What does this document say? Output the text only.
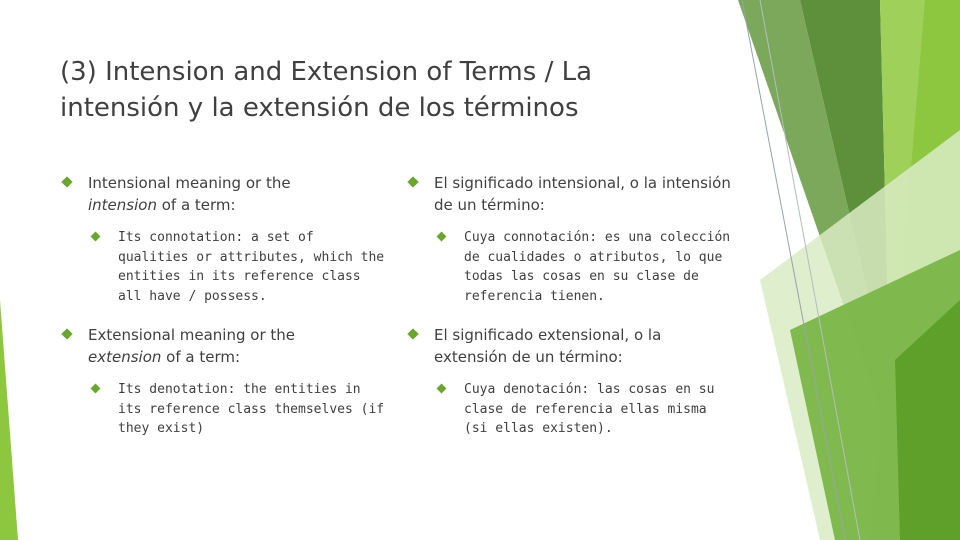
(3) Intension and Extension of Terms / La
intensión y la extensión de los términos
Intensional meaning or the
intension of a term:
Its connotation: a set of qualities or attributes, which the entities in its reference class all have / possess.
Extensional meaning or the
extension of a term:
Its denotation: the entities in its reference class themselves (if they exist)
El significado intensional, o la intensión de un término:
Cuya connotación: es una colección de cualidades o atributos, lo que todas las cosas en su clase de referencia tienen.
El significado extensional, o la extensión de un término:
Cuya denotación: las cosas en su clase de referencia ellas misma (si ellas existen).
